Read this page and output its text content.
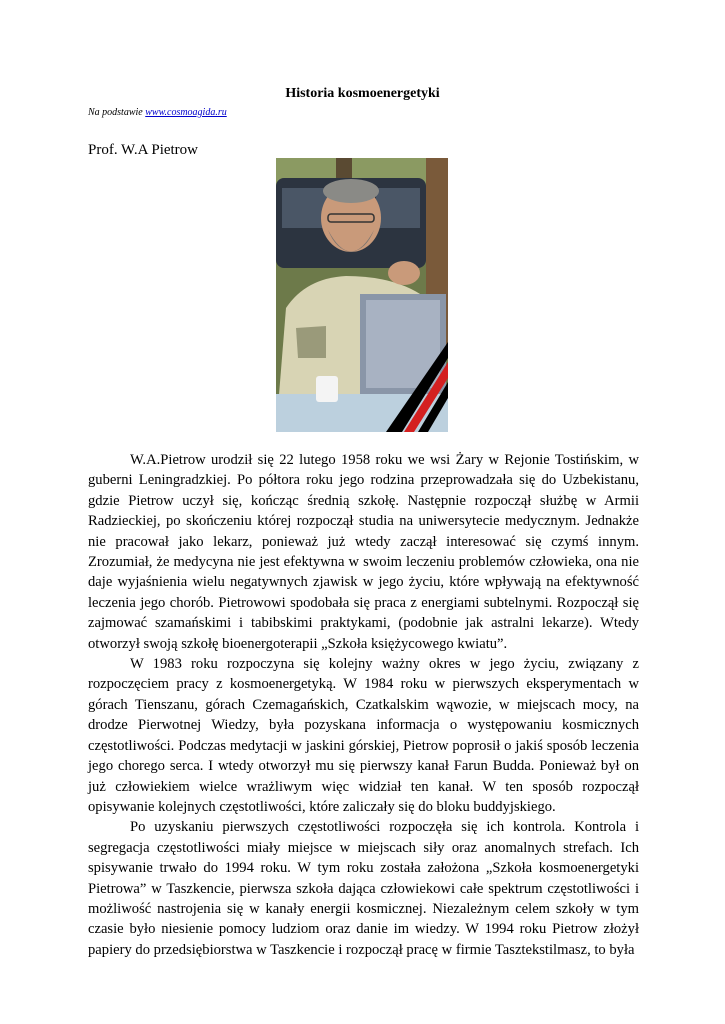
Historia kosmoenergetyki
Na podstawie www.cosmoagida.ru
Prof. W.A Pietrow

W.A.Pietrow urodził się 22 lutego 1958 roku we wsi Żary w Rejonie Tostińskim, w guberni Leningradzkiej. Po półtora roku jego rodzina przeprowadzała się do Uzbekistanu, gdzie Pietrow uczył się, kończąc średnią szkołę. Następnie rozpoczął służbę w Armii Radzieckiej, po skończeniu której rozpoczął studia na uniwersytecie medycznym. Jednakże nie pracował jako lekarz, ponieważ już wtedy zaczął interesować się czymś innym. Zrozumiał, że medycyna nie jest efektywna w swoim leczeniu problemów człowieka, ona nie daje wyjaśnienia wielu negatywnych zjawisk w jego życiu, które wpływają na efektywność leczenia jego chorób. Pietrowowi spodobała się praca z energiami subtelnymi. Rozpoczął się zajmować szamańskimi i tabibskimi praktykami, (podobnie jak astralni lekarze). Wtedy otworzył swoją szkołę bioenergoterapii „Szkoła księżycowego kwiatu”.

W 1983 roku rozpoczyna się kolejny ważny okres w jego życiu, związany z rozpoczęciem pracy z kosmoenergetyką. W 1984 roku w pierwszych eksperymentach w górach Tienszanu, górach Czemagańskich, Czatkalskim wąwozie, w miejscach mocy, na drodze Pierwotnej Wiedzy, była pozyskana informacja o występowaniu kosmicznych częstotliwości. Podczas medytacji w jaskini górskiej, Pietrow poprosił o jakiś sposób leczenia jego chorego serca. I wtedy otworzył mu się pierwszy kanał Farun Budda. Ponieważ był on już człowiekiem wielce wrażliwym więc widział ten kanał. W ten sposób rozpoczął opisywanie kolejnych częstotliwości, które zaliczały się do bloku buddyjskiego.

Po uzyskaniu pierwszych częstotliwości rozpoczęła się ich kontrola. Kontrola i segregacja częstotliwości miały miejsce w miejscach siły oraz anomalnych strefach. Ich spisywanie trwało do 1994 roku. W tym roku została założona „Szkoła kosmoenergetyki Pietrowa” w Taszkencie, pierwsza szkoła dająca człowiekowi całe spektrum częstotliwości i możliwość nastrojenia się w kanały energii kosmicznej. Niezależnym celem szkoły w tym czasie było niesienie pomocy ludziom oraz danie im wiedzy. W 1994 roku Pietrow złożył papiery do przedsiębiorstwa w Taszkencie i rozpoczął pracę w firmie Tasztekstilmasz, to była
